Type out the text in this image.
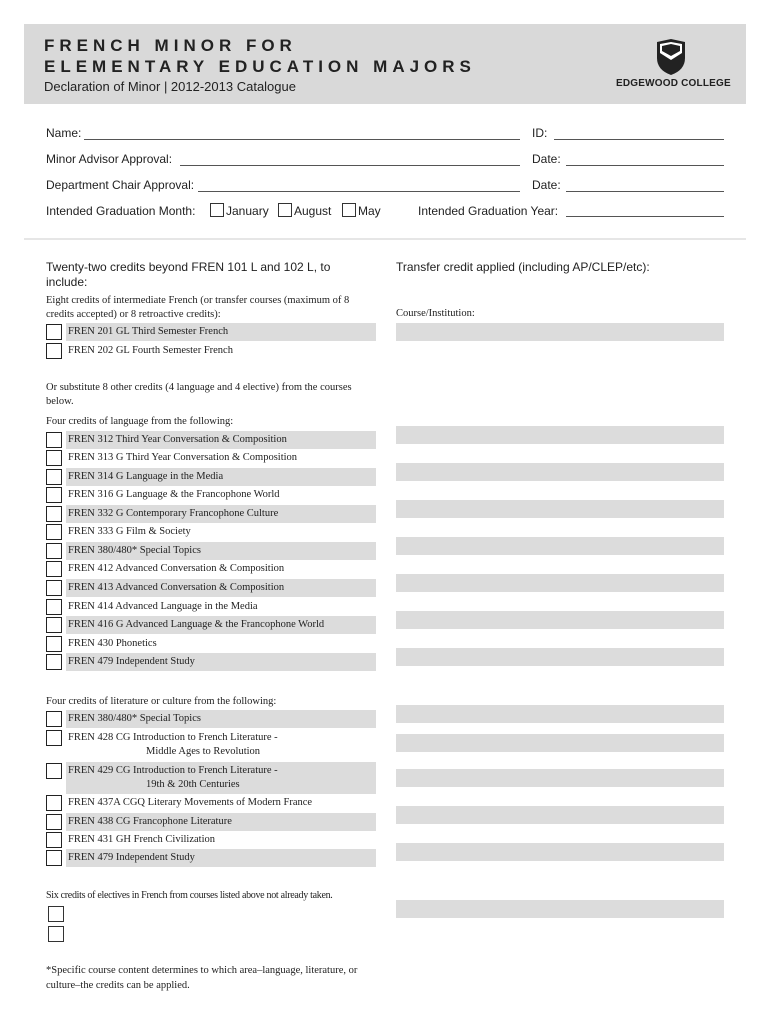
FRENCH MINOR FOR
ELEMENTARY EDUCATION MAJORS
Declaration of Minor | 2012-2013 Catalogue	EDGEWOOD COLLEGE
Name:	ID:
Minor Advisor Approval:	Date:
Department Chair Approval:	Date:
Intended Graduation Month:	January August May	Intended Graduation Year:
Twenty-two credits beyond FREN 101 L and 102 L, to include:
Eight credits of intermediate French (or transfer courses (maximum of 8 credits accepted) or 8 retroactive credits):
FREN 201 GL Third Semester French
FREN 202 GL Fourth Semester French
Or substitute 8 other credits (4 language and 4 elective) from the courses below.
Four credits of language from the following:
FREN 312 Third Year Conversation & Composition
FREN 313 G Third Year Conversation & Composition
FREN 314 G Language in the Media
FREN 316 G Language & the Francophone World
FREN 332 G Contemporary Francophone Culture
FREN 333 G Film & Society
FREN 380/480* Special Topics
FREN 412 Advanced Conversation & Composition
FREN 413 Advanced Conversation & Composition
FREN 414 Advanced Language in the Media
FREN 416 G Advanced Language & the Francophone World
FREN 430 Phonetics
FREN 479 Independent Study
Four credits of literature or culture from the following:
FREN 380/480* Special Topics
FREN 428 CG Introduction to French Literature -
Middle Ages to Revolution
FREN 429 CG Introduction to French Literature -
19th & 20th Centuries
FREN 437A CGQ Literary Movements of Modern France
FREN 438 CG Francophone Literature
FREN 431 GH French Civilization
FREN 479 Independent Study
Six credits of electives in French from courses listed above not already taken.
*Specific course content determines to which area–language, literature, or culture–the credits can be applied.
Transfer credit applied (including AP/CLEP/etc):
Course/Institution:
